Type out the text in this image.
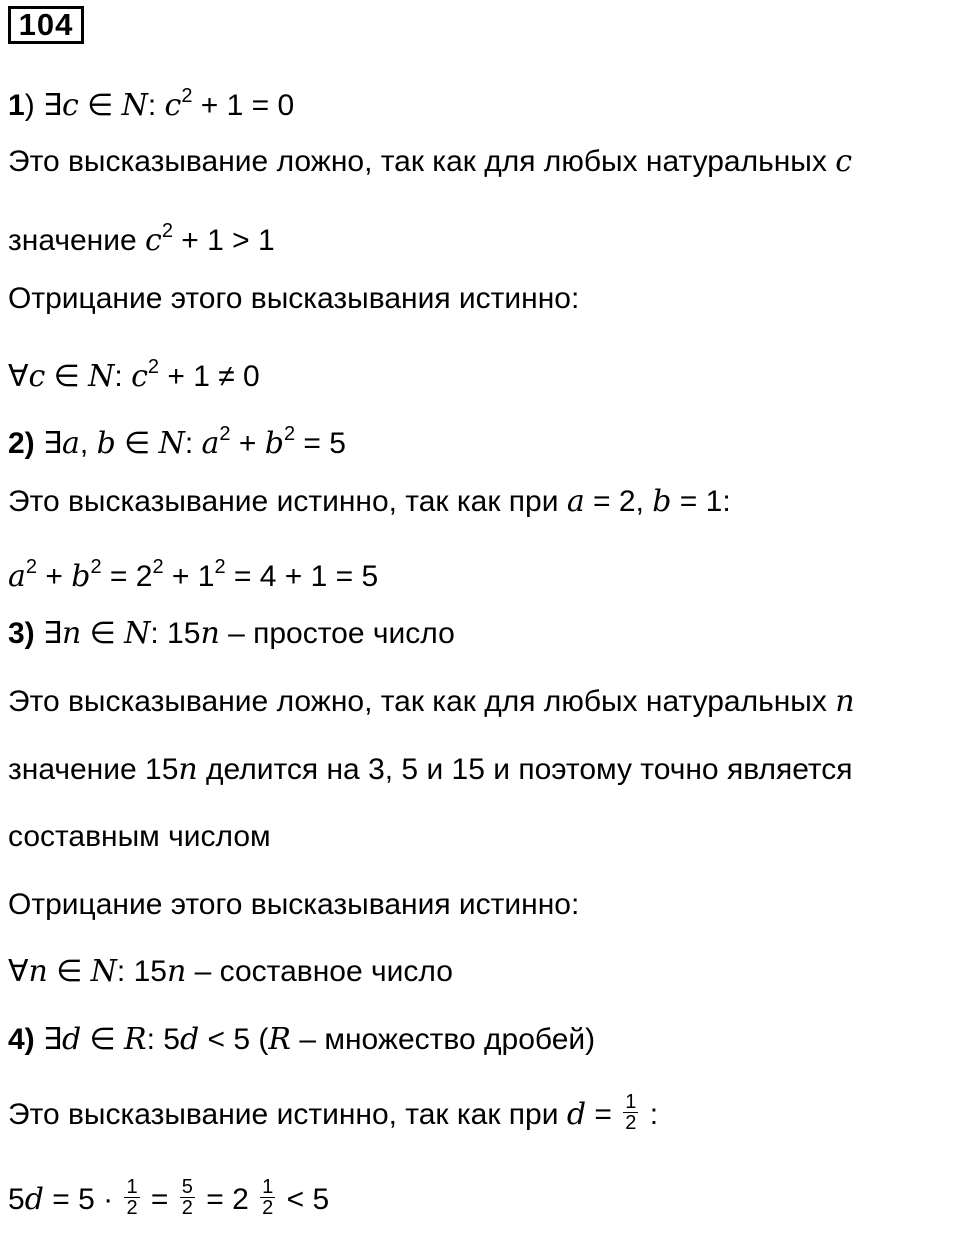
104
1) ∃c ∈ N: $c^2 + 1 = 0$
Это высказывание ложно, так как для любых натуральных c
значение $c^2 + 1 > 1$
Отрицание этого высказывания истинно:
∀c ∈ N: $c^2 + 1 \ne 0$
2) ∃a, b ∈ N: $a^2 + b^2 = 5$
Это высказывание истинно, так как при a = 2, b = 1:
$a^2 + b^2 = 2^2 + 1^2 = 4 + 1 = 5$
3) ∃n ∈ N: 15n – простое число
Это высказывание ложно, так как для любых натуральных n
значение 15n делится на 3, 5 и 15 и поэтому точно является
составным числом
Отрицание этого высказывания истинно:
∀n ∈ N: 15n – составное число
4) ∃d ∈ R: 5d < 5 (R – множество дробей)
Это высказывание истинно, так как при $d = \frac{1}{2}$ :
$5d = 5 \cdot \frac{1}{2} = \frac{5}{2} = 2 \frac{1}{2} < 5$
